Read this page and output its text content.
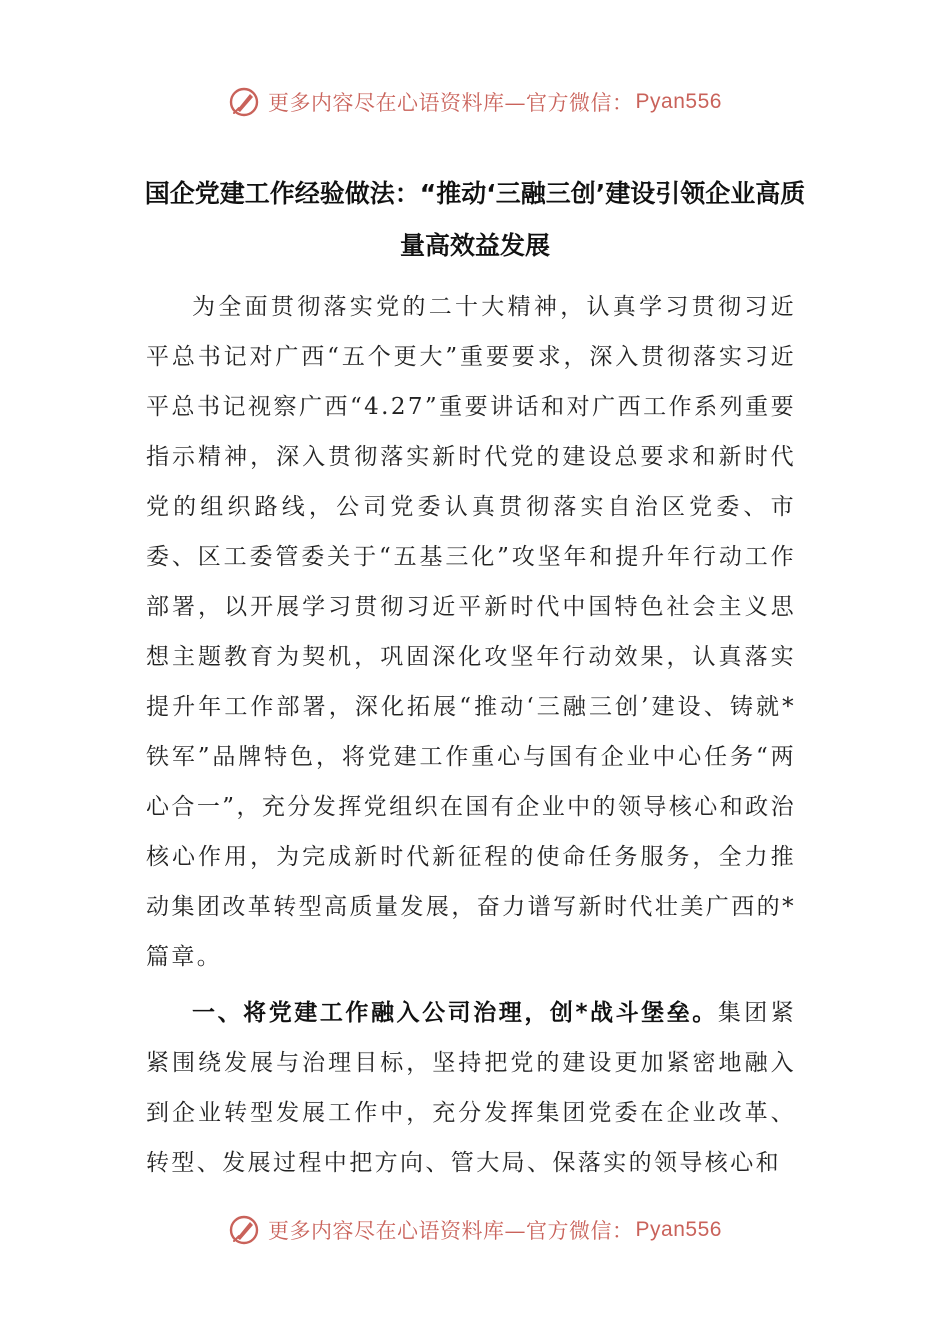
更多内容尽在心语资料库—官方微信： Pyan556
国企党建工作经验做法：“推动‘三融三创’建设引领企业高质量高效益发展

为全面贯彻落实党的二十大精神，认真学习贯彻习近平总书记对广西“五个更大”重要要求，深入贯彻落实习近平总书记视察广西“4.27”重要讲话和对广西工作系列重要指示精神，深入贯彻落实新时代党的建设总要求和新时代党的组织路线，公司党委认真贯彻落实自治区党委、市委、区工委管委关于“五基三化”攻坚年和提升年行动工作部署，以开展学习贯彻习近平新时代中国特色社会主义思想主题教育为契机，巩固深化攻坚年行动效果，认真落实提升年工作部署，深化拓展“推动‘三融三创’建设、铸就*铁军”品牌特色，将党建工作重心与国有企业中心任务“两心合一”，充分发挥党组织在国有企业中的领导核心和政治核心作用，为完成新时代新征程的使命任务服务，全力推动集团改革转型高质量发展，奋力谱写新时代壮美广西的*篇章。

一、将党建工作融入公司治理，创*战斗堡垒。集团紧紧围绕发展与治理目标，坚持把党的建设更加紧密地融入到企业转型发展工作中，充分发挥集团党委在企业改革、转型、发展过程中把方向、管大局、保落实的领导核心和

更多内容尽在心语资料库—官方微信： Pyan556
